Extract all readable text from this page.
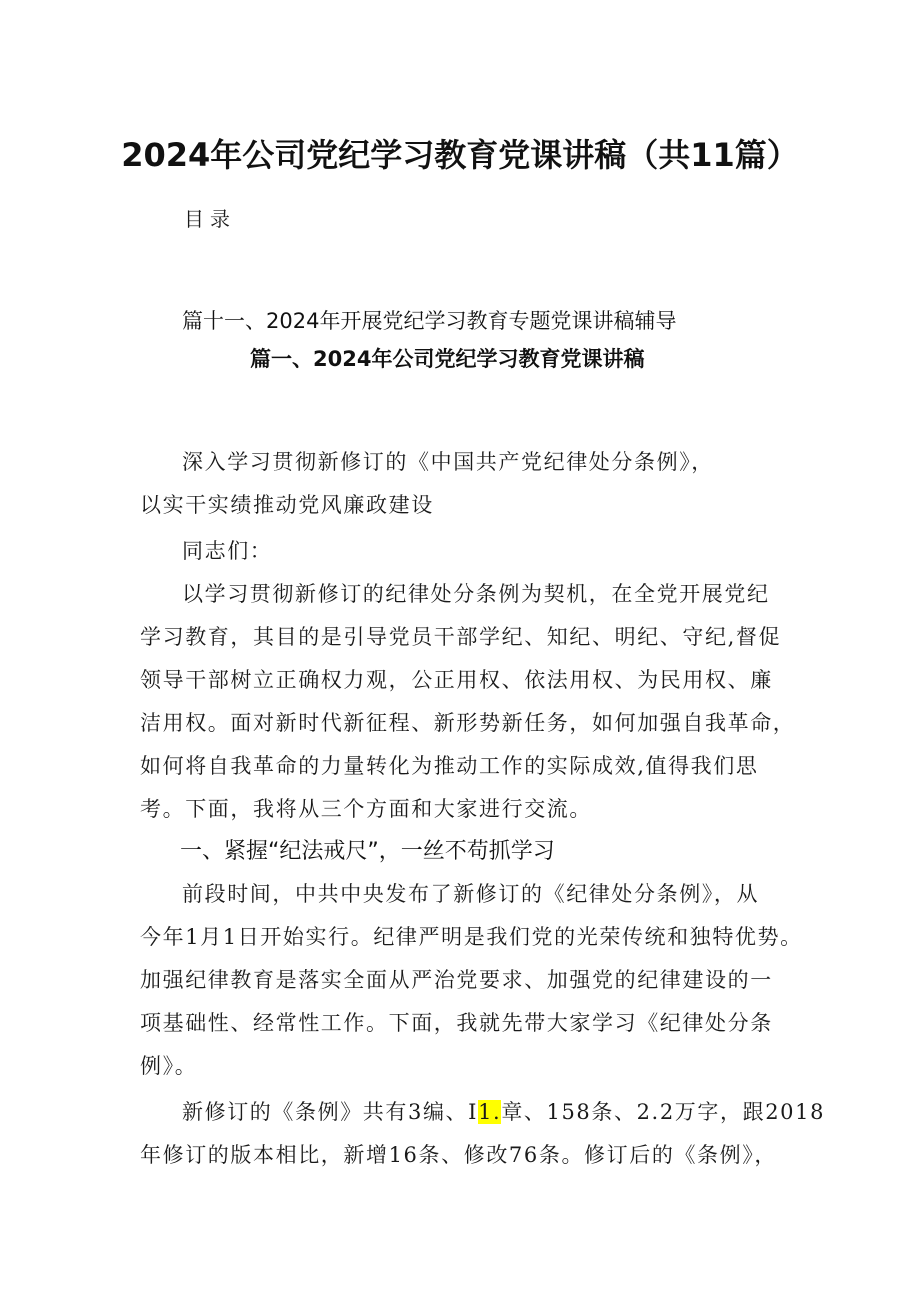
2024年公司党纪学习教育党课讲稿（共11篇）
目录
篇十一、2024年开展党纪学习教育专题党课讲稿辅导
篇一、2024年公司党纪学习教育党课讲稿
深入学习贯彻新修订的《中国共产党纪律处分条例》，
以实干实绩推动党风廉政建设
同志们：
以学习贯彻新修订的纪律处分条例为契机，在全党开展党纪
学习教育，其目的是引导党员干部学纪、知纪、明纪、守纪,督促
领导干部树立正确权力观，公正用权、依法用权、为民用权、廉
洁用权。面对新时代新征程、新形势新任务，如何加强自我革命，
如何将自我革命的力量转化为推动工作的实际成效,值得我们思
考。下面，我将从三个方面和大家进行交流。
一、紧握“纪法戒尺”，一丝不苟抓学习
前段时间，中共中央发布了新修订的《纪律处分条例》，从
今年1月1日开始实行。纪律严明是我们党的光荣传统和独特优势。
加强纪律教育是落实全面从严治党要求、加强党的纪律建设的一
项基础性、经常性工作。下面，我就先带大家学习《纪律处分条
例》。
新修订的《条例》共有3编、I1.章、158条、2.2万字，跟2018
年修订的版本相比，新增16条、修改76条。修订后的《条例》，
